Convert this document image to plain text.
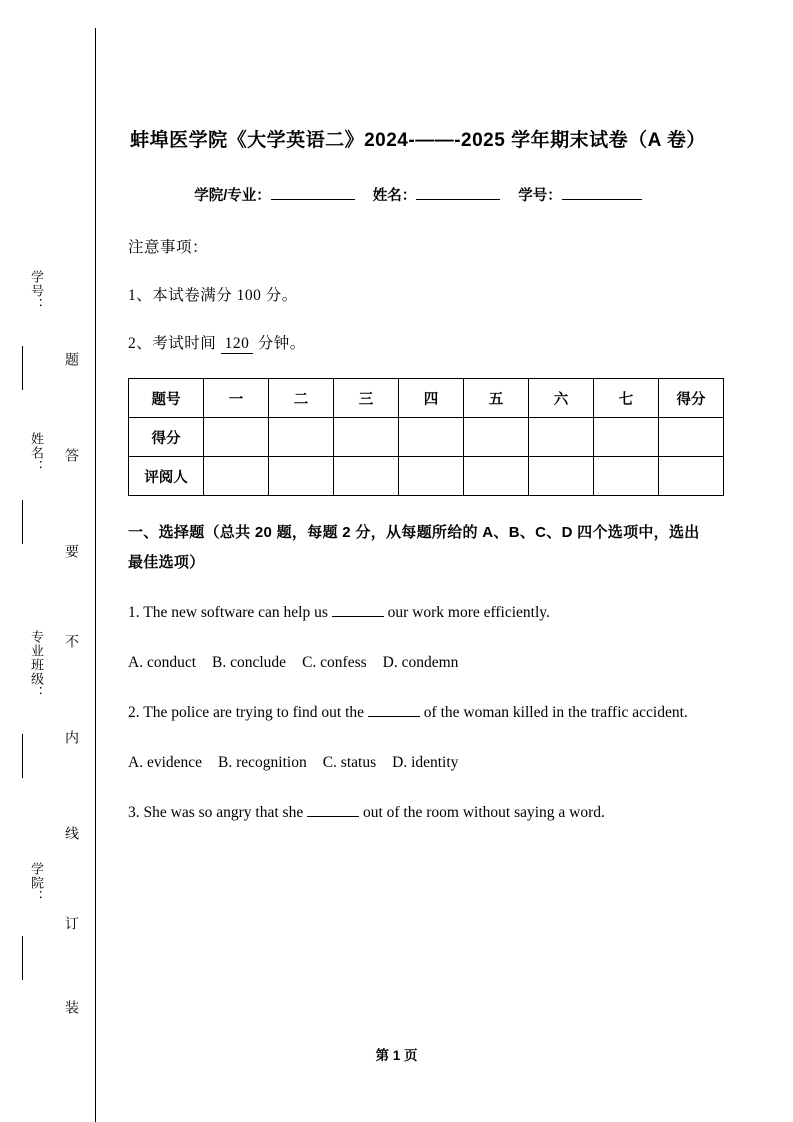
学号：
姓名：
专业班级：
学院：
题
答
要
不
内
线
订
装
蚌埠医学院《大学英语二》2024-——-2025 学年期末试卷（A 卷）
学院/专业：	姓名：	学号：
注意事项：
1、本试卷满分 100 分。
2、考试时间 120 分钟。
题号	一	二	三	四	五	六	七	得分
得分								
评阅人								
一、选择题（总共 20 题，每题 2 分，从每题所给的 A、B、C、D 四个选项中，选出最佳选项）
1. The new software can help us	our work more efficiently.
A. conduct B. conclude C. confess D. condemn
2. The police are trying to find out the	of the woman killed in the traffic accident.
A. evidence B. recognition C. status D. identity
3. She was so angry that she	out of the room without saying a word.
第 1 页
